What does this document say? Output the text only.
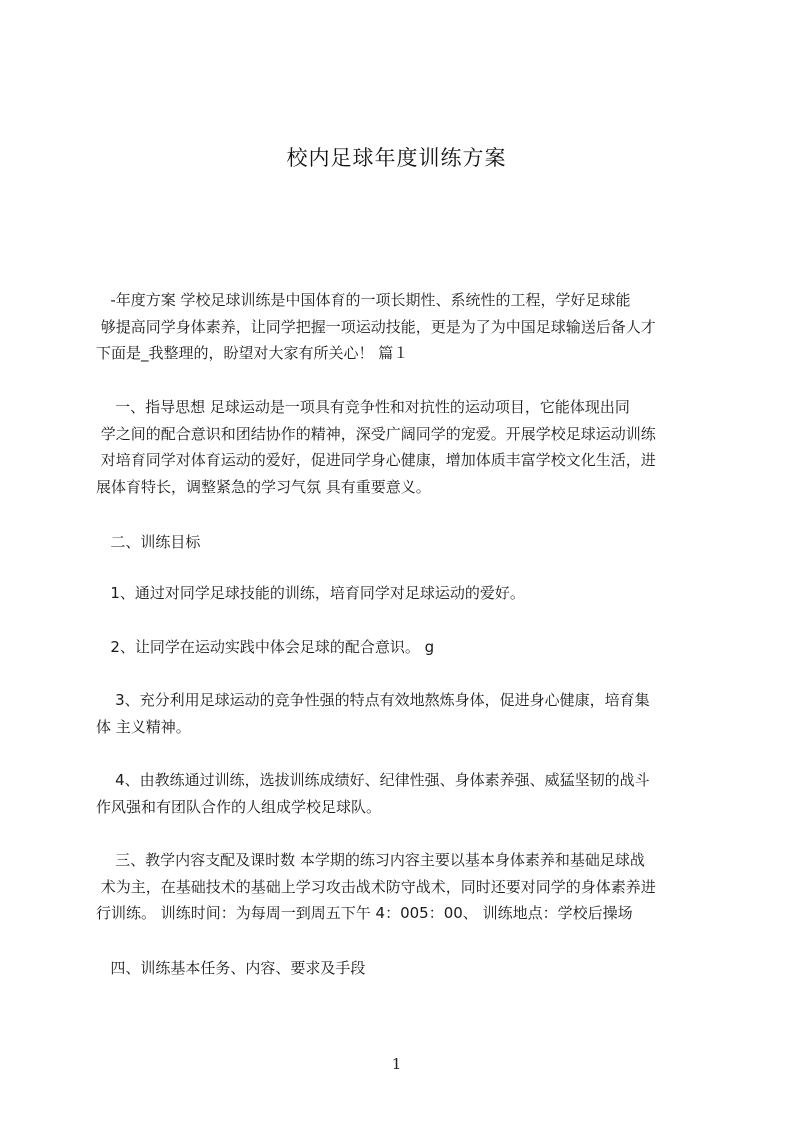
校内足球年度训练方案
-年度方案 学校足球训练是中国体育的一项长期性、系统性的工程，学好足球能
够提高同学身体素养，让同学把握一项运动技能，更是为了为中国足球输送后备人才
下面是_我整理的，盼望对大家有所关心！ 篇１
一、指导思想 足球运动是一项具有竞争性和对抗性的运动项目，它能体现出同
学之间的配合意识和团结协作的精神，深受广阔同学的宠爱。开展学校足球运动训练
对培育同学对体育运动的爱好，促进同学身心健康，增加体质丰富学校文化生活，进
展体育特长，调整紧急的学习气氛 具有重要意义。
二、训练目标
1、通过对同学足球技能的训练，培育同学对足球运动的爱好。
2、让同学在运动实践中体会足球的配合意识。 g
3、充分利用足球运动的竞争性强的特点有效地熬炼身体，促进身心健康，培育集
体 主义精神。
4、由教练通过训练，选拔训练成绩好、纪律性强、身体素养强、威猛坚韧的战斗
作风强和有团队合作的人组成学校足球队。
三、教学内容支配及课时数 本学期的练习内容主要以基本身体素养和基础足球战
术为主，在基础技术的基础上学习攻击战术防守战术，同时还要对同学的身体素养进
行训练。 训练时间：为每周一到周五下午 4：005：00、 训练地点：学校后操场
四、训练基本任务、内容、要求及手段
1
